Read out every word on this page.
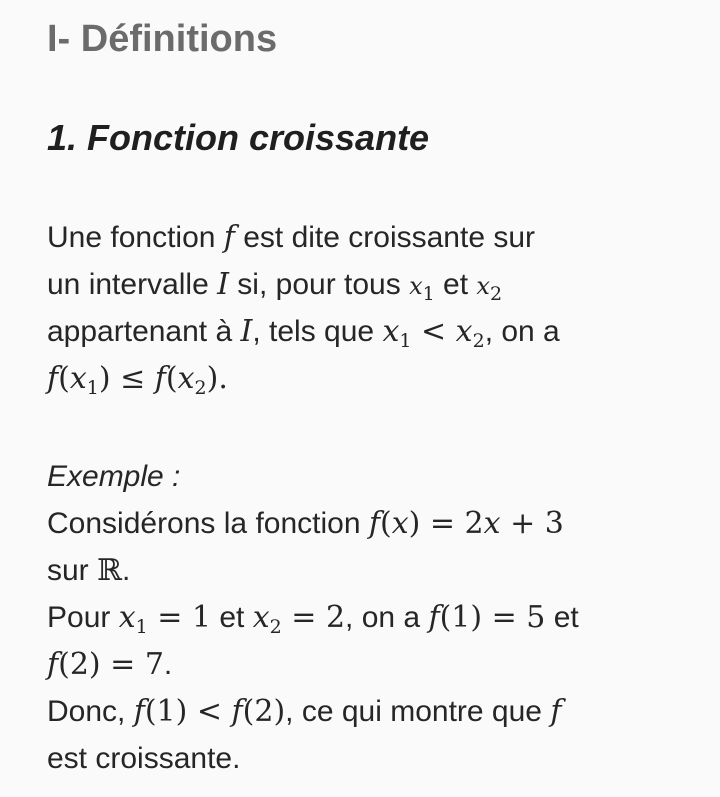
I- Définitions
1. Fonction croissante
Une fonction f est dite croissante sur
un intervalle I si, pour tous $x_1$ et $x_2$
appartenant à I, tels que $x_1 < x_2$, on a
$f(x_1) \le f(x_2)$.
Exemple :
Considérons la fonction f(x) = 2x + 3
sur ℝ.
Pour $x_1 = 1$ et $x_2 = 2$, on a f(1) = 5 et
f(2) = 7.
Donc, f(1) < f(2), ce qui montre que f
est croissante.
